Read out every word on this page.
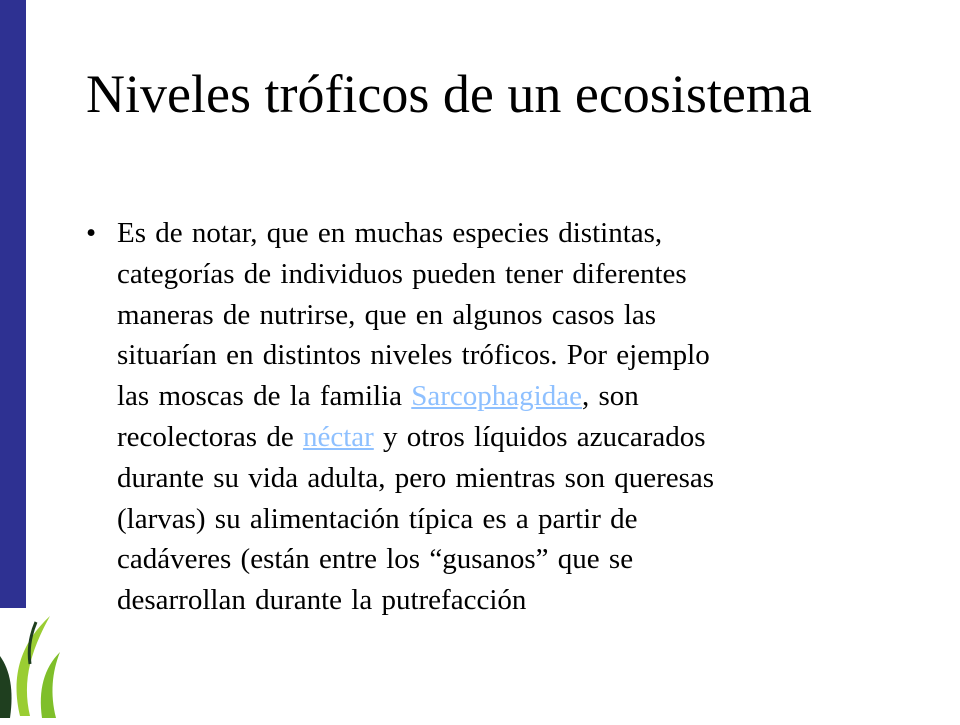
Niveles tróficos de un ecosistema
• Es de notar, que en muchas especies distintas,
categorías de individuos pueden tener diferentes
maneras de nutrirse, que en algunos casos las
situarían en distintos niveles tróficos. Por ejemplo
las moscas de la familia Sarcophagidae, son
recolectoras de néctar y otros líquidos azucarados
durante su vida adulta, pero mientras son queresas
(larvas) su alimentación típica es a partir de
cadáveres (están entre los “gusanos” que se
desarrollan durante la putrefacción
